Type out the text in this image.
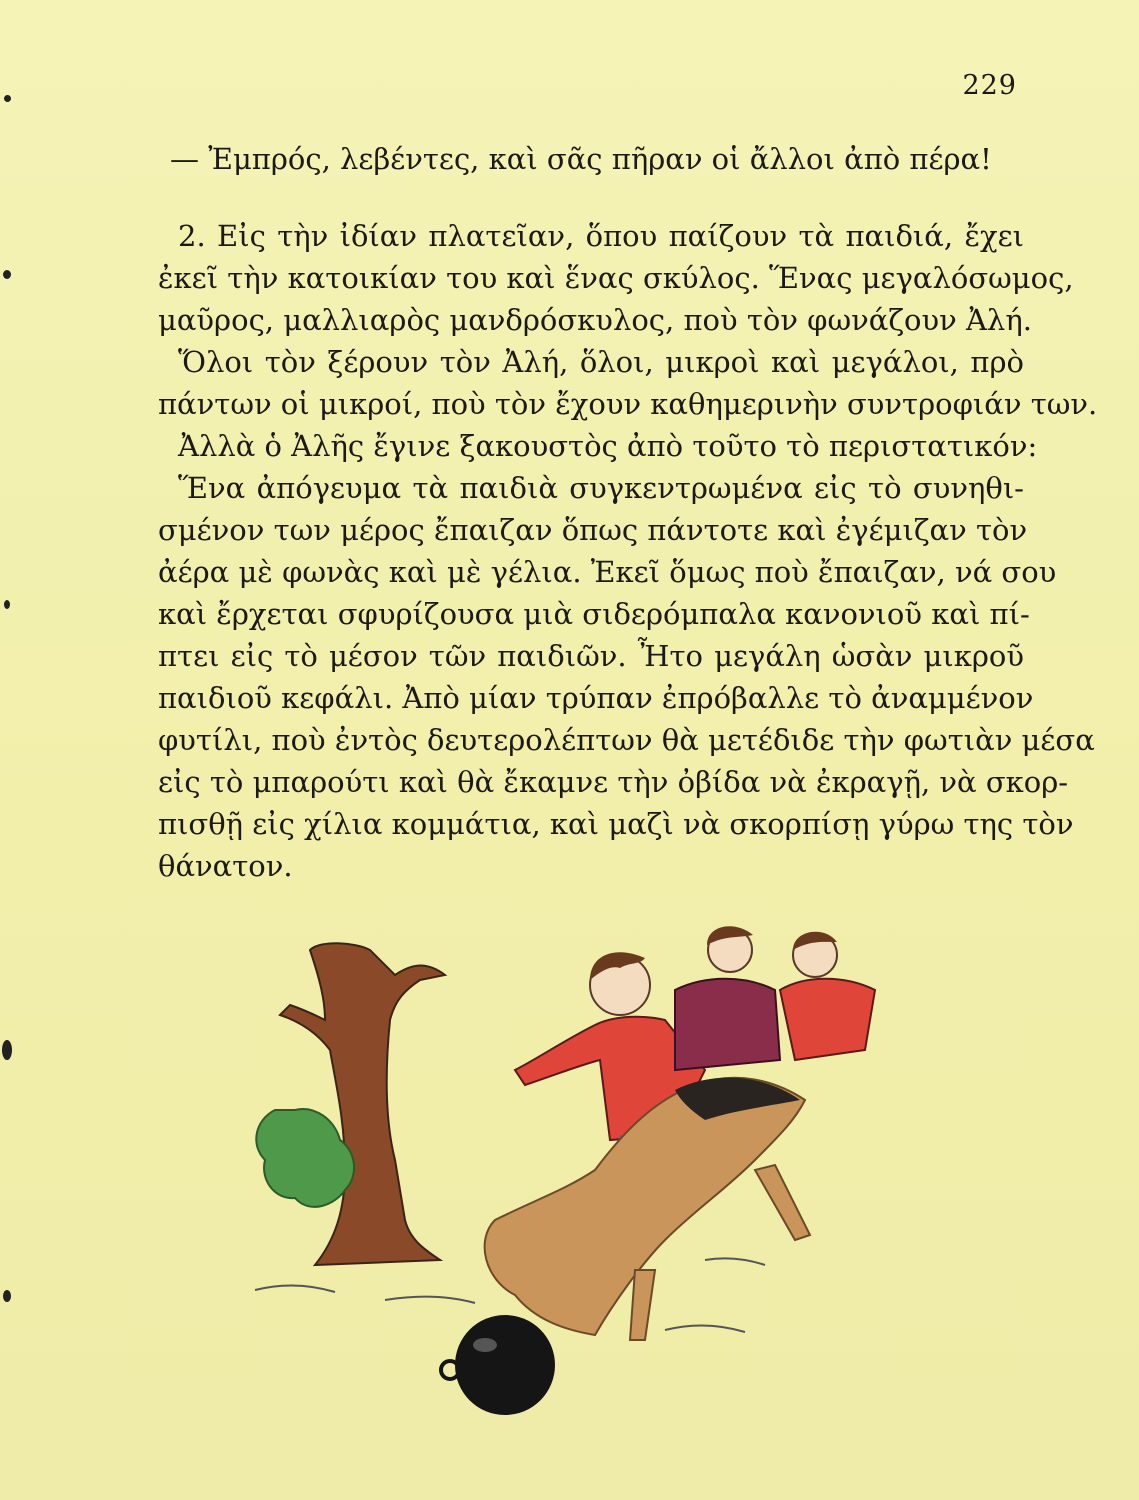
229
— Ἐμπρός, λεβέντες, καὶ σᾶς πῆραν οἱ ἄλλοι ἀπὸ πέρα!
2. Εἰς τὴν ἰδίαν πλατεῖαν, ὅπου παίζουν τὰ παιδιά, ἔχει
ἐκεῖ τὴν κατοικίαν του καὶ ἕνας σκύλος. Ἕνας μεγαλόσωμος,
μαῦρος, μαλλιαρὸς μανδρόσκυλος, ποὺ τὸν φωνάζουν Ἀλή.
Ὅλοι τὸν ξέρουν τὸν Ἀλή, ὅλοι, μικροὶ καὶ μεγάλοι, πρὸ
πάντων οἱ μικροί, ποὺ τὸν ἔχουν καθημερινὴν συντροφιάν των.
Ἀλλὰ ὁ Ἀλῆς ἔγινε ξακουστὸς ἀπὸ τοῦτο τὸ περιστατικόν:
Ἕνα ἀπόγευμα τὰ παιδιὰ συγκεντρωμένα εἰς τὸ συνηθι-
σμένον των μέρος ἔπαιζαν ὅπως πάντοτε καὶ ἐγέμιζαν τὸν
ἀέρα μὲ φωνὰς καὶ μὲ γέλια. Ἐκεῖ ὅμως ποὺ ἔπαιζαν, νά σου
καὶ ἔρχεται σφυρίζουσα μιὰ σιδερόμπαλα κανονιοῦ καὶ πί-
πτει εἰς τὸ μέσον τῶν παιδιῶν. Ἦτο μεγάλη ὡσὰν μικροῦ
παιδιοῦ κεφάλι. Ἀπὸ μίαν τρύπαν ἐπρόβαλλε τὸ ἀναμμένον
φυτίλι, ποὺ ἐντὸς δευτερολέπτων θὰ μετέδιδε τὴν φωτιὰν μέσα
εἰς τὸ μπαρούτι καὶ θὰ ἔκαμνε τὴν ὀβίδα νὰ ἐκραγῇ, νὰ σκορ-
πισθῇ εἰς χίλια κομμάτια, καὶ μαζὶ νὰ σκορπίσῃ γύρω της τὸν
θάνατον.
